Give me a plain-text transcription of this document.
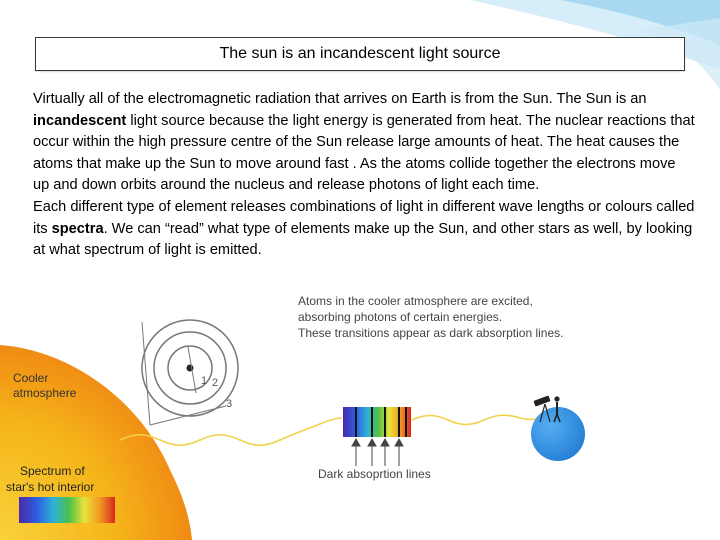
The sun is an incandescent light source
Virtually all of the electromagnetic radiation that arrives on Earth is from the Sun. The Sun is an incandescent light source because the light energy is generated from heat. The nuclear reactions that occur within the high pressure centre of the Sun release large amounts of heat. The heat causes the atoms that make up the Sun to move around fast . As the atoms collide together the electrons move up and down orbits around the nucleus and release photons of light each time.
Each different type of element releases combinations of light in different wave lengths or colours called its spectra. We can “read” what type of elements make up the Sun, and other stars as well, by looking at what spectrum of light is emitted.
1 2
3
Atoms in the cooler atmosphere are excited,
absorbing photons of certain energies.
These transitions appear as dark absorption lines.
Cooler
atmosphere
Spectrum of
star's hot interior
Dark absoprtion lines
